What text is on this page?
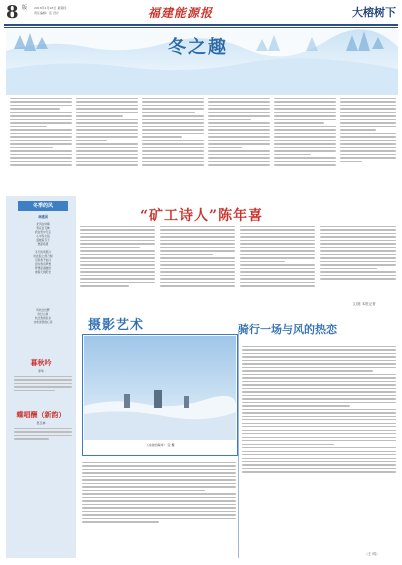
8 版 2016年1月28日 星期四
责任编辑：张 设计	福建能源报	大榕树下
冬之趣
冬季的风
林建国
北风在呼啸
雪花在飞舞
我在雪中行走
心中有火焰
温暖着冬天
燃起希望
冬天的风很冷
吹在脸上像刀割
可是我不怕冷
因为我有梦想
梦想是温暖的
像春天的阳光
风吹过田野
吹过山岗
吹过我的家乡
也吹进我的心房
暮秋吟
李华
蝶唱酬（新韵）
吴玉林
“矿工诗人”陈年喜
文/图 本报记者
摄影艺术
《冰封的海岸》 张 摄
骑行一场与风的热恋
（王 明）
